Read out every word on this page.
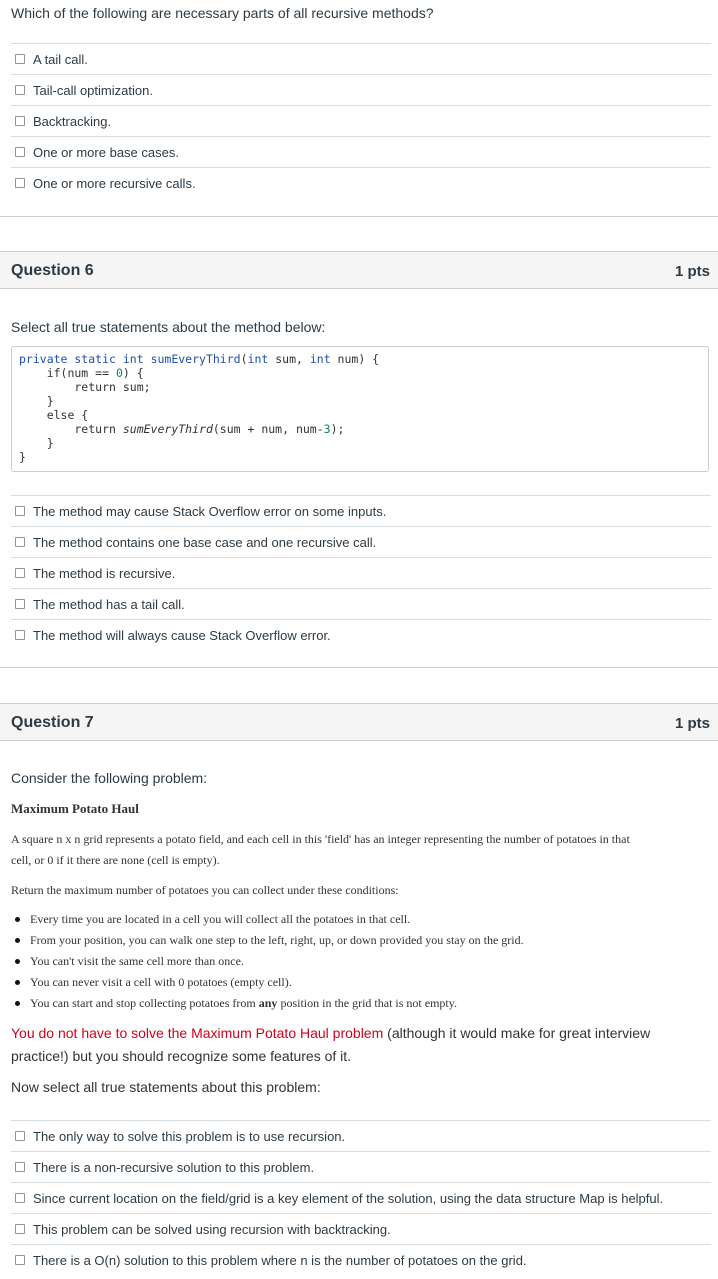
Which of the following are necessary parts of all recursive methods?
A tail call.
Tail-call optimization.
Backtracking.
One or more base cases.
One or more recursive calls.
Question 6	1 pts
Select all true statements about the method below:
private static int sumEveryThird(int sum, int num) {
if(num == 0) {
return sum;
}
else {
return sumEveryThird(sum + num, num-3);
}
}
The method may cause Stack Overflow error on some inputs.
The method contains one base case and one recursive call.
The method is recursive.
The method has a tail call.
The method will always cause Stack Overflow error.
Question 7	1 pts
Consider the following problem:
Maximum Potato Haul
A square n x n grid represents a potato field, and each cell in this 'field' has an integer representing the number of potatoes in that
cell, or 0 if it there are none (cell is empty).
Return the maximum number of potatoes you can collect under these conditions:
Every time you are located in a cell you will collect all the potatoes in that cell.
From your position, you can walk one step to the left, right, up, or down provided you stay on the grid.
You can't visit the same cell more than once.
You can never visit a cell with 0 potatoes (empty cell).
You can start and stop collecting potatoes from any position in the grid that is not empty.
You do not have to solve the Maximum Potato Haul problem (although it would make for great interview
practice!) but you should recognize some features of it.
Now select all true statements about this problem:
The only way to solve this problem is to use recursion.
There is a non-recursive solution to this problem.
Since current location on the field/grid is a key element of the solution, using the data structure Map is helpful.
This problem can be solved using recursion with backtracking.
There is a O(n) solution to this problem where n is the number of potatoes on the grid.
